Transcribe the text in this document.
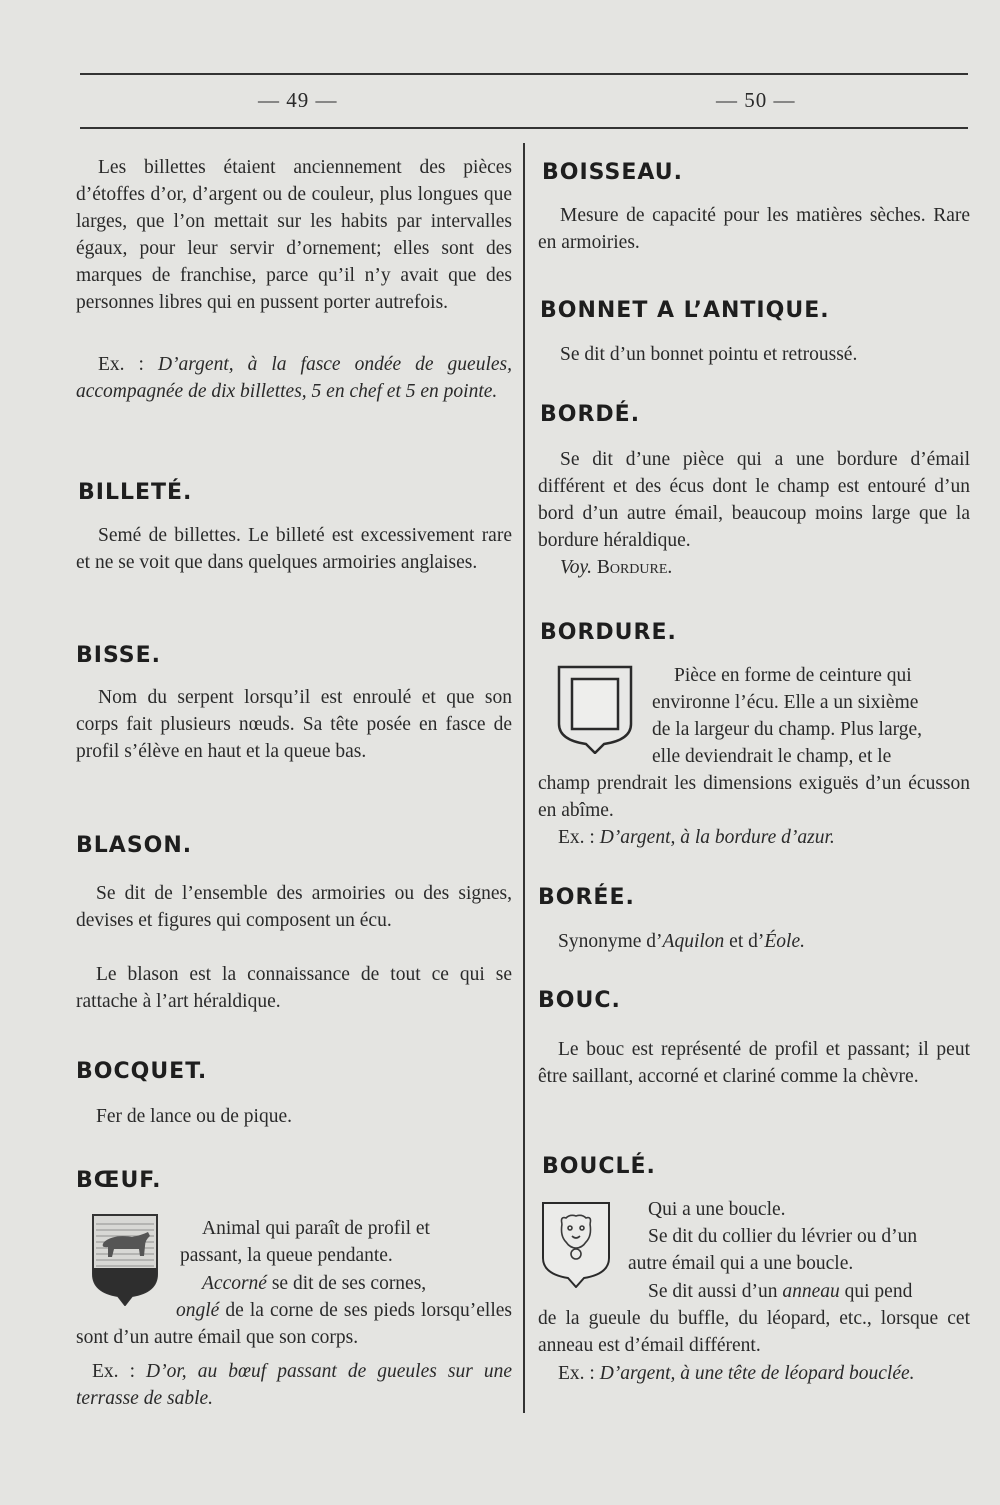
— 49 —	— 50 —

Les billettes étaient anciennement des pièces d’étoffes d’or, d’argent ou de couleur, plus longues que larges, que l’on mettait sur les habits par intervalles égaux, pour leur servir d’ornement; elles sont des marques de franchise, parce qu’il n’y avait que des personnes libres qui en pussent porter autrefois.

Ex. : D’argent, à la fasce ondée de gueules, accompagnée de dix billettes, 5 en chef et 5 en pointe.

BILLETÉ.

Semé de billettes. Le billeté est excessivement rare et ne se voit que dans quelques armoiries anglaises.

BISSE.

Nom du serpent lorsqu’il est enroulé et que son corps fait plusieurs nœuds. Sa tête posée en fasce de profil s’élève en haut et la queue bas.

BLASON.

Se dit de l’ensemble des armoiries ou des signes, devises et figures qui composent un écu.

Le blason est la connaissance de tout ce qui se rattache à l’art héraldique.

BOCQUET.

Fer de lance ou de pique.

BŒUF.

Animal qui paraît de profil et

passant, la queue pendante.

Accorné se dit de ses cornes,

onglé de la corne de ses pieds lorsqu’elles sont d’un autre émail que son corps.

Ex. : D’or, au bœuf passant de gueules sur une terrasse de sable.

BOISSEAU.

Mesure de capacité pour les matières sèches. Rare en armoiries.

BONNET A L’ANTIQUE.

Se dit d’un bonnet pointu et retroussé.

BORDÉ.

Se dit d’une pièce qui a une bordure d’émail différent et des écus dont le champ est entouré d’un bord d’un autre émail, beaucoup moins large que la bordure héraldique.

Voy. Bordure.

BORDURE.

Pièce en forme de ceinture qui

environne l’écu. Elle a un sixième

de la largeur du champ. Plus large,

elle deviendrait le champ, et le

champ prendrait les dimensions exiguës d’un écusson en abîme.

Ex. : D’argent, à la bordure d’azur.

BORÉE.

Synonyme d’Aquilon et d’Éole.

BOUC.

Le bouc est représenté de profil et passant; il peut être saillant, accorné et clariné comme la chèvre.

BOUCLÉ.

Qui a une boucle.

Se dit du collier du lévrier ou d’un

autre émail qui a une boucle.

Se dit aussi d’un anneau qui pend

de la gueule du buffle, du léopard, etc., lorsque cet anneau est d’émail différent.

Ex. : D’argent, à une tête de léopard bouclée.
